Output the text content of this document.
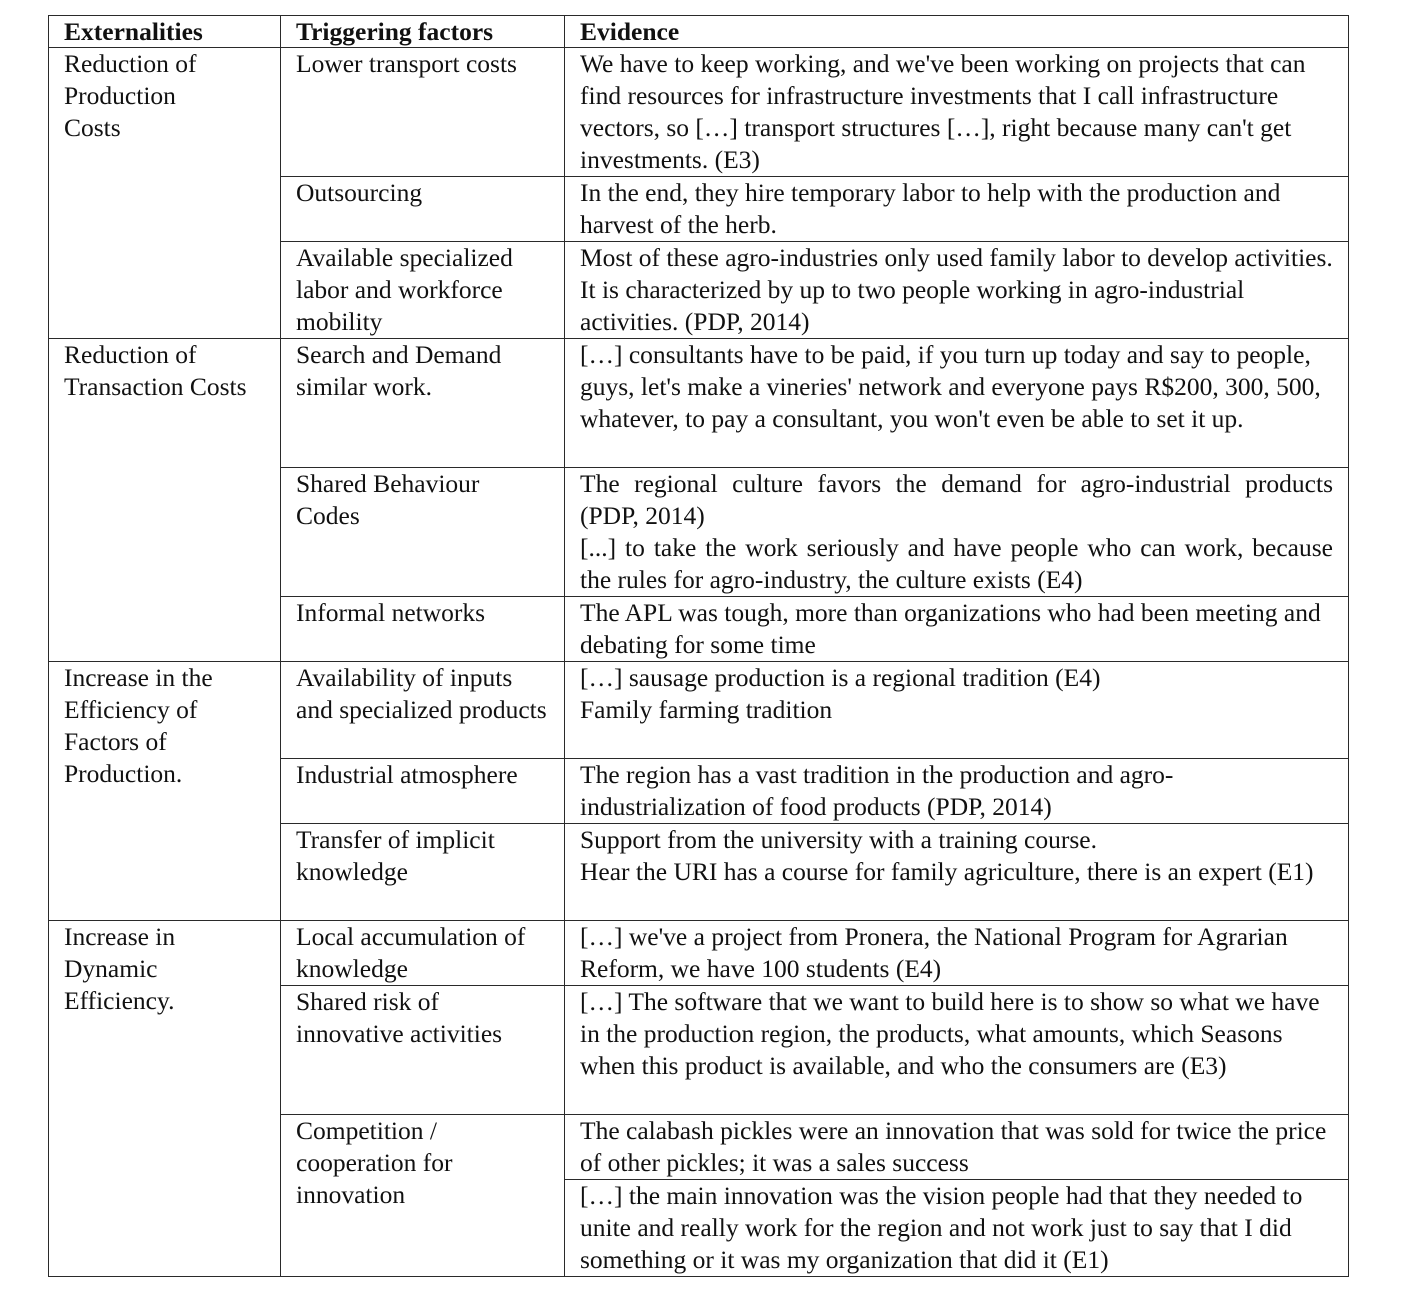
Externalities	Triggering factors	Evidence
Reduction of Production Costs	Lower transport costs	We have to keep working, and we've been working on projects that can find resources for infrastructure investments that I call infrastructure vectors, so […] transport structures […], right because many can't get investments. (E3)
	Outsourcing	In the end, they hire temporary labor to help with the production and harvest of the herb.
	Available specialized labor and workforce mobility	Most of these agro-industries only used family labor to develop activities. It is characterized by up to two people working in agro-industrial activities. (PDP, 2014)
Reduction of Transaction Costs	Search and Demand similar work.	[…] consultants have to be paid, if you turn up today and say to people, guys, let's make a vineries' network and everyone pays R$200, 300, 500, whatever, to pay a consultant, you won't even be able to set it up.
	Shared Behaviour Codes	The regional culture favors the demand for agro-industrial products (PDP, 2014)
[...] to take the work seriously and have people who can work, because the rules for agro-industry, the culture exists (E4)

	Informal networks	The APL was tough, more than organizations who had been meeting and debating for some time
Increase in the Efficiency of Factors of Production.	Availability of inputs and specialized products	[…] sausage production is a regional tradition (E4)
Family farming tradition

	Industrial atmosphere	The region has a vast tradition in the production and agro-industrialization of food products (PDP, 2014)
	Transfer of implicit knowledge	Support from the university with a training course.
Hear the URI has a course for family agriculture, there is an expert (E1)

Increase in Dynamic Efficiency.	Local accumulation of knowledge	[…] we've a project from Pronera, the National Program for Agrarian Reform, we have 100 students (E4)
	Shared risk of innovative activities	[…] The software that we want to build here is to show so what we have in the production region, the products, what amounts, which Seasons when this product is available, and who the consumers are (E3)
	Competition / cooperation for innovation	The calabash pickles were an innovation that was sold for twice the price of other pickles; it was a sales success
		[…] the main innovation was the vision people had that they needed to unite and really work for the region and not work just to say that I did something or it was my organization that did it (E1)
